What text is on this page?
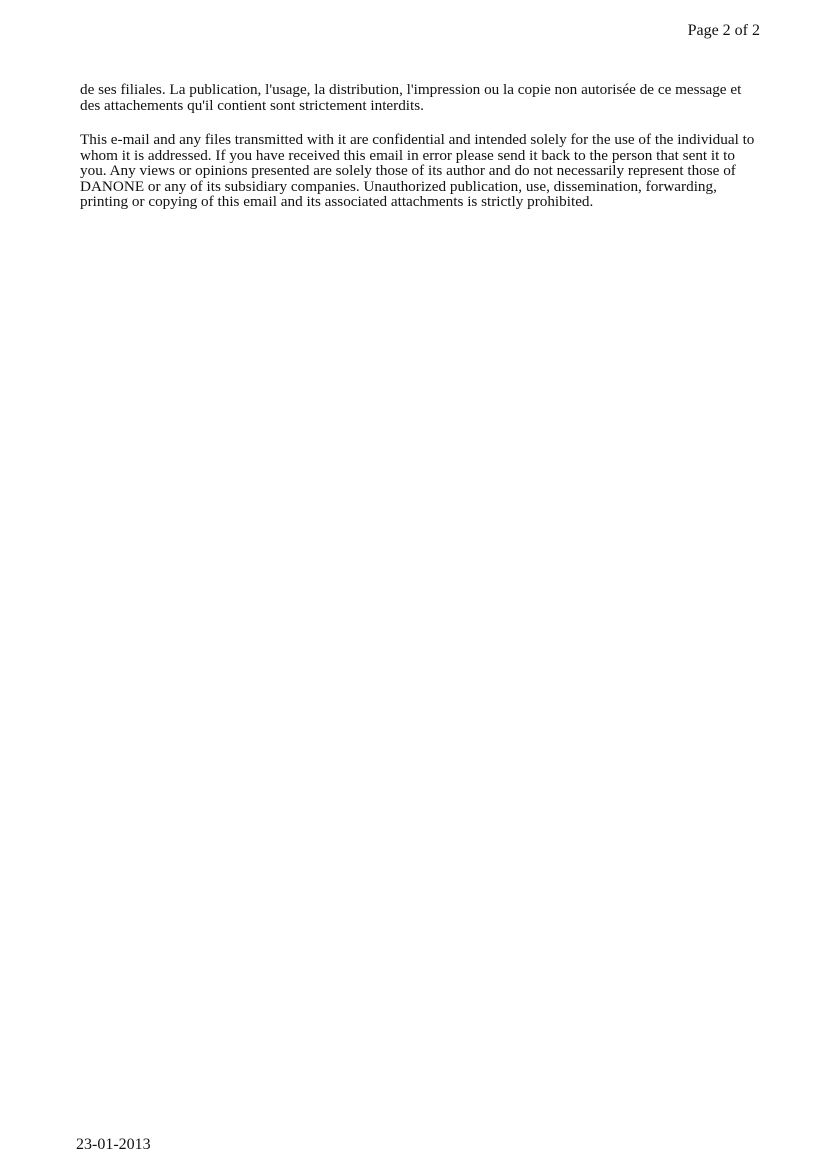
Page 2 of 2

de ses filiales. La publication, l'usage, la distribution, l'impression ou la copie non autorisée de ce message et des attachements qu'il contient sont strictement interdits.

This e-mail and any files transmitted with it are confidential and intended solely for the use of the individual to whom it is addressed. If you have received this email in error please send it back to the person that sent it to you. Any views or opinions presented are solely those of its author and do not necessarily represent those of DANONE or any of its subsidiary companies. Unauthorized publication, use, dissemination, forwarding, printing or copying of this email and its associated attachments is strictly prohibited.

23-01-2013
